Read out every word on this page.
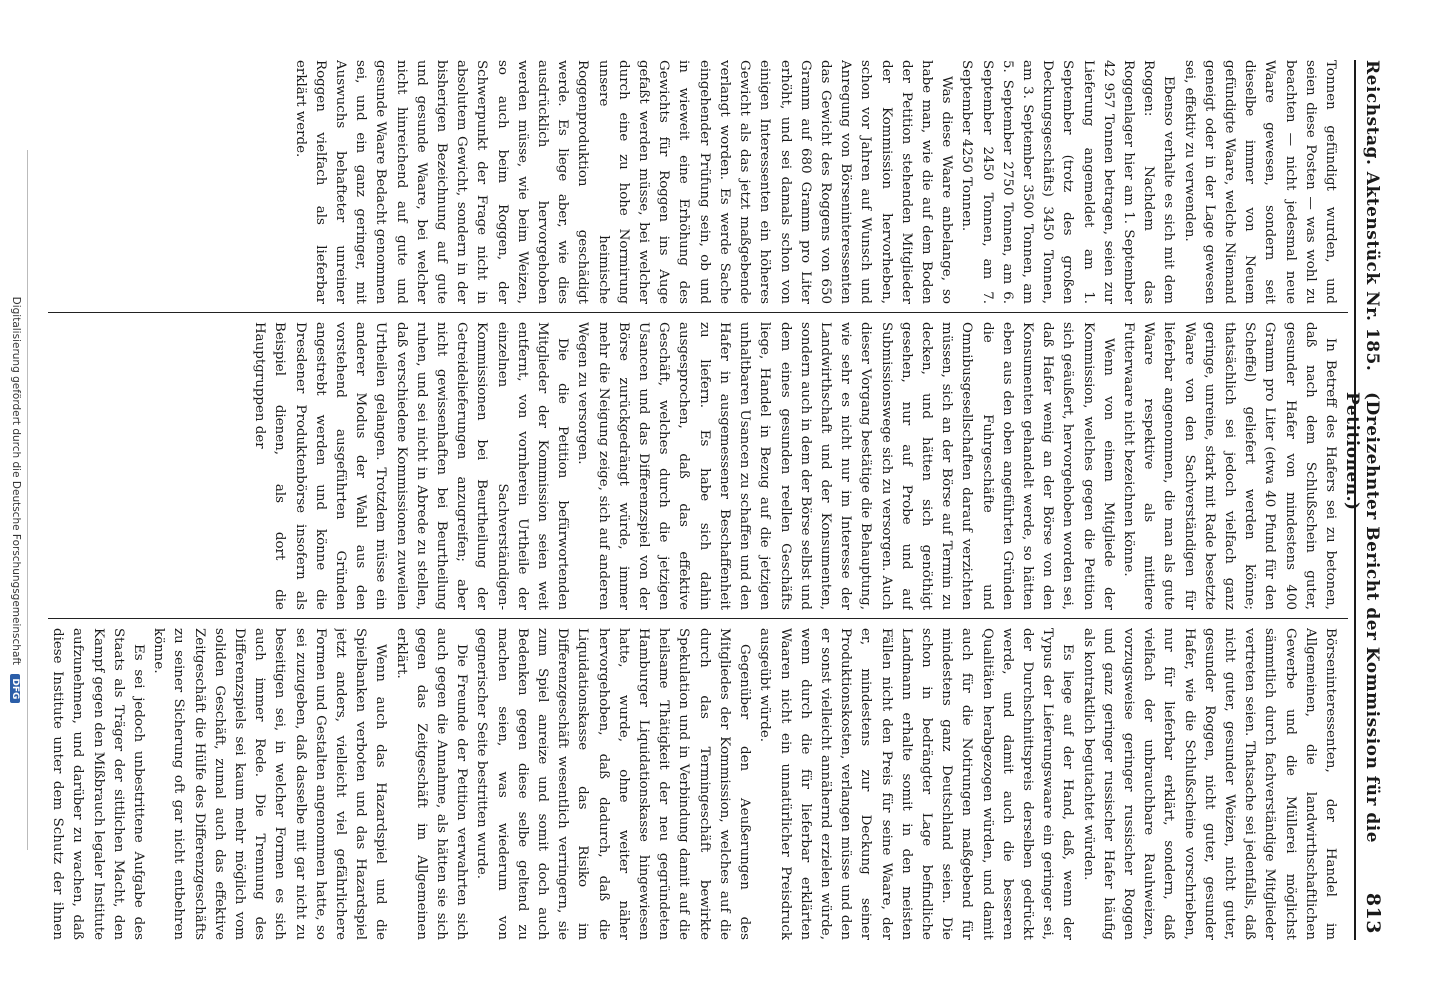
Reichstag. Aktenstück Nr. 185.
(Dreizehnter Bericht der Kommission für die Petitionen.)
813

Tonnen gefündigt wurden, und seien diese Posten — was wohl zu beachten — nicht jedesmal neue Waare gewesen, sondern seit dieselbe immer von Neuem gefündigte Waare, welche Niemand geneigt oder in der Lage gewesen sei, effektiv zu verwenden.

Ebenso verhalte es sich mit dem Roggen: Nachdem das Roggenlager hier am 1. September 42 957 Tonnen betragen, seien zur Lieferung angemeldet am 1. September (trotz des großen Deckungsgeschäfts) 3450 Tonnen, am 3. September 3500 Tonnen, am 5. September 2750 Tonnen, am 6. September 2450 Tonnen, am 7. September 4250 Tonnen.

Was diese Waare anbelange, so habe man, wie die auf dem Boden der Petition stehenden Mitglieder der Kommission hervorheben, schon vor Jahren auf Wunsch und Anregung von Börseninteressenten das Gewicht des Roggens von 650 Gramm auf 680 Gramm pro Liter erhöht, und sei damals schon von einigen Interessenten ein höheres Gewicht als das jetzt maßgebende verlangt worden. Es werde Sache eingehender Prüfung sein, ob und in wieweit eine Erhöhung des Gewichts für Roggen ins Auge gefaßt werden müsse, bei welcher durch eine zu hohe Normirung unsere heimische Roggenproduktion geschädigt werde. Es liege aber, wie dies ausdrücklich hervorgehoben werden müsse, wie beim Weizen, so auch beim Roggen, der Schwerpunkt der Frage nicht in absolutem Gewicht, sondern in der bisherigen Bezeichnung auf gute und gesunde Waare, bei welcher nicht hinreichend auf gute und gesunde Waare Bedacht genommen sei, und ein ganz geringer, mit Auswuchs behafteter unreiner Roggen vielfach als lieferbar erklärt werde.

In Betreff des Hafers sei zu betonen, daß nach dem Schlußschein guter, gesunder Hafer von mindestens 400 Gramm pro Liter (etwa 40 Pfund für den Scheffel) geliefert werden könne; thatsächlich sei jedoch vielfach ganz geringe, unreine, stark mit Rade besetzte Waare von den Sachverständigen für lieferbar angenommen, die man als gute Waare respektive als mittlere Futterwaare nicht bezeichnen könne.

Wenn von einem Mitgliede der Kommission, welches gegen die Petition sich geäußert, hervorgehoben worden sei, daß Hafer wenig an der Börse von den Konsumenten gehandelt werde, so hätten eben aus den oben angeführten Gründen die Fuhrgeschäfte und Omnibusgesellschaften darauf verzichten müssen, sich an der Börse auf Termin zu decken, und hätten sich genöthigt gesehen, nur auf Probe und auf Submissionswege sich zu versorgen. Auch dieser Vorgang bestätige die Behauptung, wie sehr es nicht nur im Interesse der Landwirthschaft und der Konsumenten, sondern auch in dem der Börse selbst und dem eines gesunden reellen Geschäfts liege, Handel in Bezug auf die jetzigen unhaltbaren Usancen zu schaffen und den Hafer in ausgemessener Beschaffenheit zu liefern. Es habe sich dahin ausgesprochen, daß das effektive Geschäft, welches durch die jetzigen Usancen und das Differenzspiel von der Börse zurückgedrängt würde, immer mehr die Neigung zeige, sich auf anderen Wegen zu versorgen.

Die die Petition befürwortenden Mitglieder der Kommission seien weit entfernt, von vornherein Urtheile der einzelnen Sachverständigen-Kommissionen bei Beurtheilung der Getreidelieferungen anzugreifen; aber nicht gewissenhaften bei Beurtheilung ruhen, und sei nicht in Abrede zu stellen, daß verschiedene Kommissionen zuweilen Urtheilen gelangen. Trotzdem müsse ein anderer Modus der Wahl aus den vorstehend ausgeführten Gründen angestrebt werden und könne die Dresdener Produktenbörse insofern als Beispiel dienen, als dort die Hauptgruppen der

Börseninteressenten, der Handel im Allgemeinen, die landwirthschaftlichen Gewerbe und die Müllerei möglichst sämmtlich durch fachverständige Mitglieder vertreten seien. Thatsache sei jedenfalls, daß nicht guter, gesunder Weizen, nicht guter, gesunder Roggen, nicht guter, gesunder Hafer, wie die Schlußscheine vorschrieben, nur für lieferbar erklärt, sondern, daß vielfach der unbrauchbare Rauhweizen, vorzugsweise geringer russischer Roggen und ganz geringer russischer Hafer häufig als kontraktlich begutachtet würden.

Es liege auf der Hand, daß, wenn der Typus der Lieferungswaare ein geringer sei, der Durchschnittspreis derselben gedrückt werde, und damit auch die besseren Qualitäten herabgezogen würden, und damit auch für die Notirungen maßgebend für mindestens ganz Deutschland seien. Die schon in bedrängter Lage befindliche Landmann erhalte somit in den meisten Fällen nicht den Preis für seine Waare, der er, mindestens zur Deckung seiner Produktionskosten, verlangen müsse und den er sonst vielleicht annähernd erzielen würde, wenn durch die für lieferbar erklärten Waaren nicht ein unnatürlicher Preisdruck ausgeübt würde.

Gegenüber den Aeußerungen des Mitgliedes der Kommission, welches auf die durch das Termingeschäft bewirkte Spekulation und in Verbindung damit auf die heilsame Thätigkeit der neu gegründeten Hamburger Liquidationskasse hingewiesen hatte, wurde, ohne weiter näher hervorgehoben, daß dadurch, daß die Liquidationskasse das Risiko im Differenzgeschäft wesentlich verringern, sie zum Spiel anreize und somit doch auch Bedenken gegen diese selbe geltend zu machen seien, was wiederum von gegnerischer Seite bestritten wurde.

Die Freunde der Petition verwahrten sich auch gegen die Annahme, als hätten sie sich gegen das Zeitgeschäft im Allgemeinen erklärt.

Wenn auch das Hazardspiel und die Spielbanken verboten und das Hazardspiel jetzt anders, vielleicht viel gefährlichere Formen und Gestalten angenommen hatte, so sei zuzugeben, daß dasselbe mit gar nicht zu beseitigen sei, in welcher Formen es sich auch immer Rede. Die Trennung des Differenzspiels sei kaum mehr möglich vom soliden Geschäft, zumal auch das effektive Zeitgeschäft die Hülfe des Differenzgeschäfts zu seiner Sicherung oft gar nicht entbehren könne.

Es sei jedoch unbestrittene Aufgabe des Staats als Träger der sittlichen Macht, den Kampf gegen den Mißbrauch legaler Institute aufzunehmen, und darüber zu wachen, daß diese Institute unter dem Schutz der ihnen

Digitalisierung gefördert durch die Deutsche Forschungsgemeinschaft DFG
